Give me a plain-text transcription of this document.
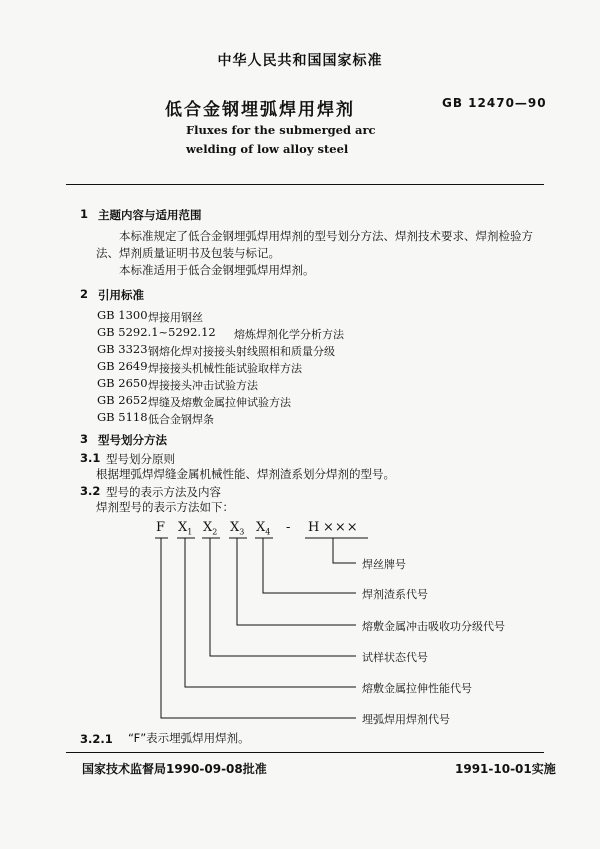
中华人民共和国国家标准
低合金钢埋弧焊用焊剂	GB 12470—90
Fluxes for the submerged arc
welding of low alloy steel
1 主题内容与适用范围
本标准规定了低合金钢埋弧焊用焊剂的型号划分方法、焊剂技术要求、焊剂检验方法、焊剂质量证明书及包装与标记。
本标准适用于低合金钢埋弧焊用焊剂。
2 引用标准
GB 1300 焊接用钢丝
GB 5292.1~5292.12 熔炼焊剂化学分析方法
GB 3323 钢熔化焊对接接头射线照相和质量分级
GB 2649 焊接接头机械性能试验取样方法
GB 2650 焊接接头冲击试验方法
GB 2652 焊缝及熔敷金属拉伸试验方法
GB 5118 低合金钢焊条
3 型号划分方法
3.1 型号划分原则
根据埋弧焊焊缝金属机械性能、焊剂渣系划分焊剂的型号。
3.2 型号的表示方法及内容
焊剂型号的表示方法如下：
F $X_1$ $X_2$ $X_3$ $X_4$ - H ×××
焊丝牌号
焊剂渣系代号
熔敷金属冲击吸收功分级代号
试样状态代号
熔敷金属拉伸性能代号
埋弧焊用焊剂代号
3.2.1 “F”表示埋弧焊用焊剂。
国家技术监督局1990-09-08批准	1991-10-01实施
